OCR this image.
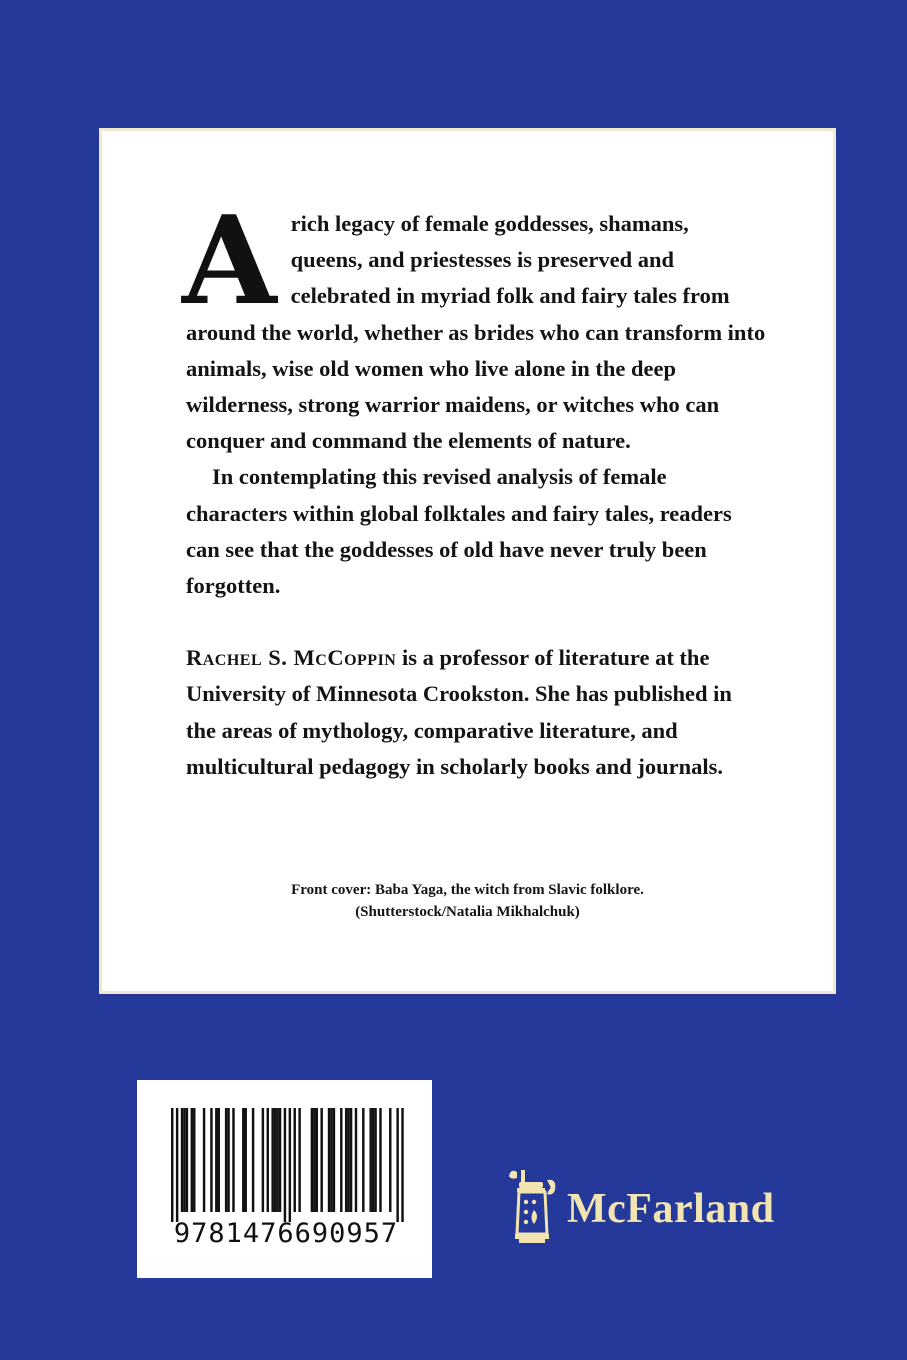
Arich legacy of female goddesses, shamans, queens, and priestesses is preserved and celebrated in myriad folk and fairy tales from around the world, whether as brides who can transform into animals, wise old women who live alone in the deep wilderness, strong warrior maidens, or witches who can conquer and command the elements of nature.

In contemplating this revised analysis of female characters within global folktales and fairy tales, readers can see that the goddesses of old have never truly been forgotten.

Rachel S. McCoppin is a professor of literature at the University of Minnesota Crookston. She has published in the areas of mythology, comparative literature, and multicultural pedagogy in scholarly books and journals.

Front cover: Baba Yaga, the witch from Slavic folklore.
(Shutterstock/Natalia Mikhalchuk)
9781476690957
McFarland
